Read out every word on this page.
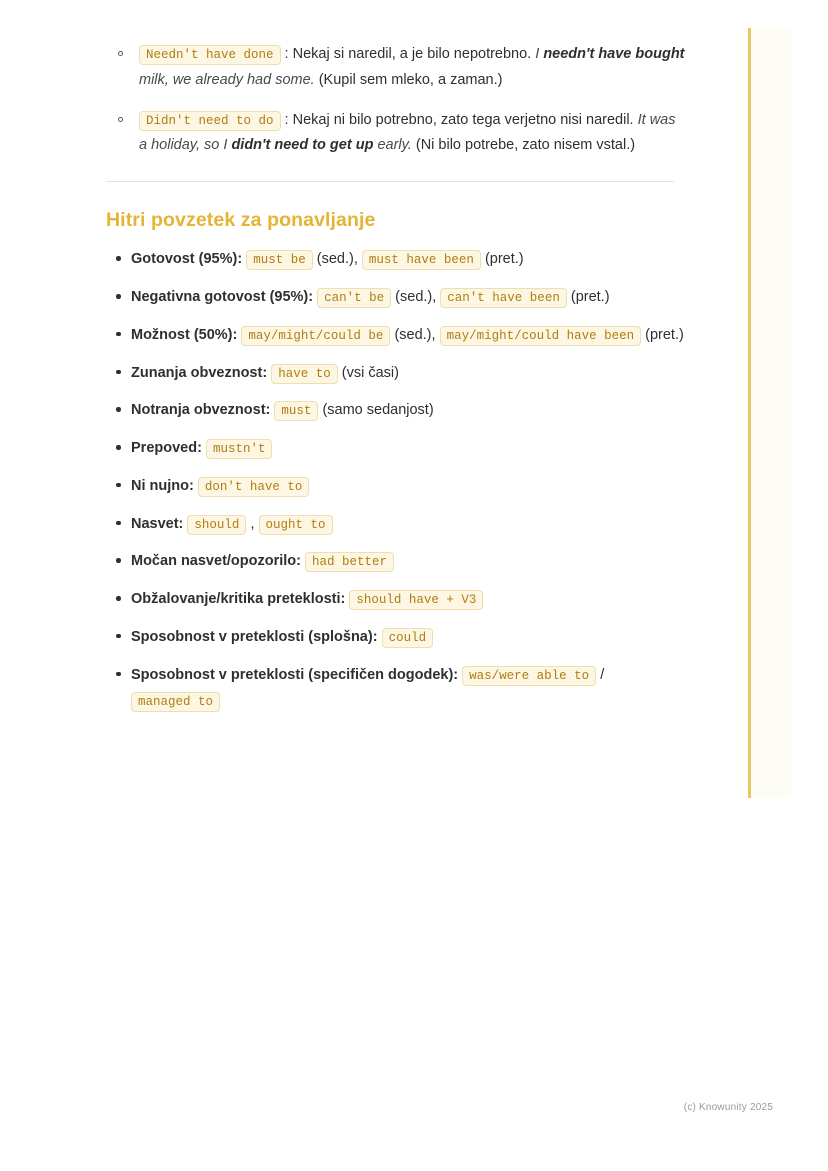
Needn't have done : Nekaj si naredil, a je bilo nepotrebno. I needn't have bought milk, we already had some. (Kupil sem mleko, a zaman.)
Didn't need to do : Nekaj ni bilo potrebno, zato tega verjetno nisi naredil. It was a holiday, so I didn't need to get up early. (Ni bilo potrebe, zato nisem vstal.)
Hitri povzetek za ponavljanje
Gotovost (95%): must be (sed.), must have been (pret.)
Negativna gotovost (95%): can't be (sed.), can't have been (pret.)
Možnost (50%): may/might/could be (sed.), may/might/could have been (pret.)
Zunanja obveznost: have to (vsi časi)
Notranja obveznost: must (samo sedanjost)
Prepoved: mustn't
Ni nujno: don't have to
Nasvet: should , ought to
Močan nasvet/opozorilo: had better
Obžalovanje/kritika preteklosti: should have + V3
Sposobnost v preteklosti (splošna): could
Sposobnost v preteklosti (specifičen dogodek): was/were able to / managed to
(c) Knowunity 2025
